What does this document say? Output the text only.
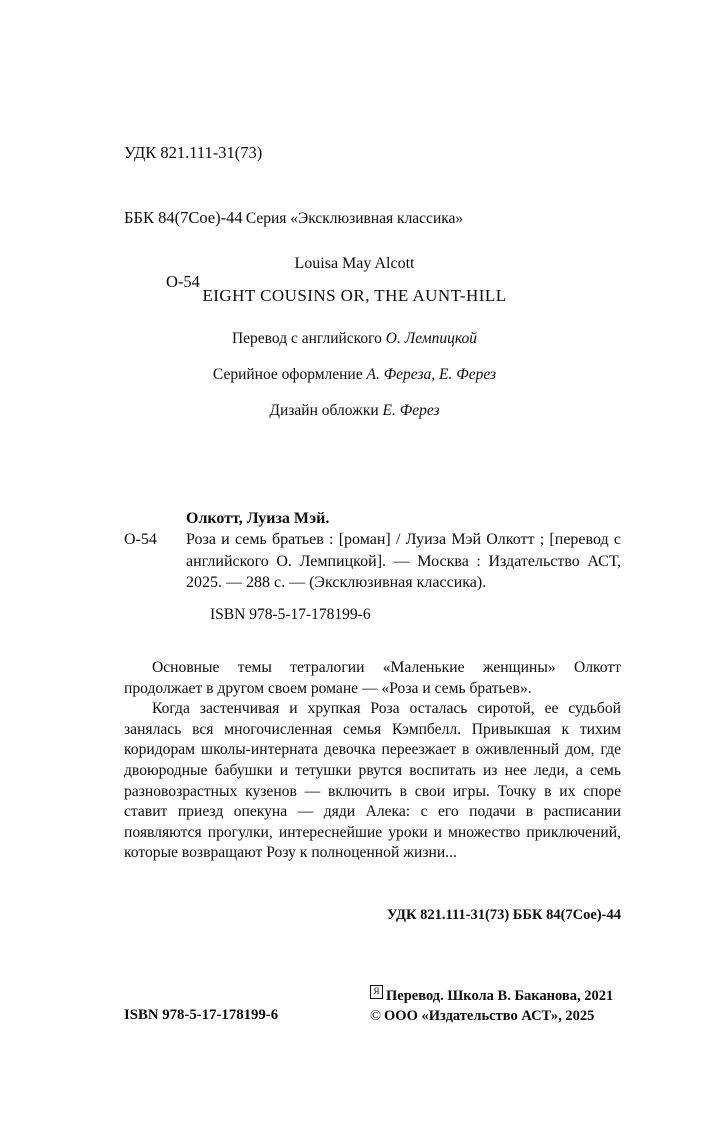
УДК 821.111-31(73)

ББК 84(7Сое)-44

О-54

Серия «Эксклюзивная классика»
Louisa May Alcott
EIGHT COUSINS OR, THE AUNT-HILL
Перевод с английского О. Лемпицкой
Серийное оформление А. Фереза, Е. Ферез
Дизайн обложки Е. Ферез
Олкотт, Луиза Мэй.
О-54	Роза и семь братьев : [роман] / Луиза Мэй Олкотт ; [перевод с английского О. Лемпицкой]. — Москва : Издательство АСТ, 2025. — 288 с. — (Эксклюзивная классика).
ISBN 978-5-17-178199-6

Основные темы тетралогии «Маленькие женщины» Олкотт продолжает в другом своем романе — «Роза и семь братьев».

Когда застенчивая и хрупкая Роза осталась сиротой, ее судьбой занялась вся многочисленная семья Кэмпбелл. Привыкшая к тихим коридорам школы-интерната девочка переезжает в оживленный дом, где двоюродные бабушки и тетушки рвутся воспитать из нее леди, а семь разновозрастных кузенов — включить в свои игры. Точку в их споре ставит приезд опекуна — дяди Алека: с его подачи в расписании появляются прогулки, интереснейшие уроки и множество приключений, которые возвращают Розу к полноценной жизни...

УДК 821.111-31(73) ББК 84(7Сое)-44
ISBN 978-5-17-178199-6
Я Перевод. Школа В. Баканова, 2021
© ООО «Издательство АСТ», 2025
